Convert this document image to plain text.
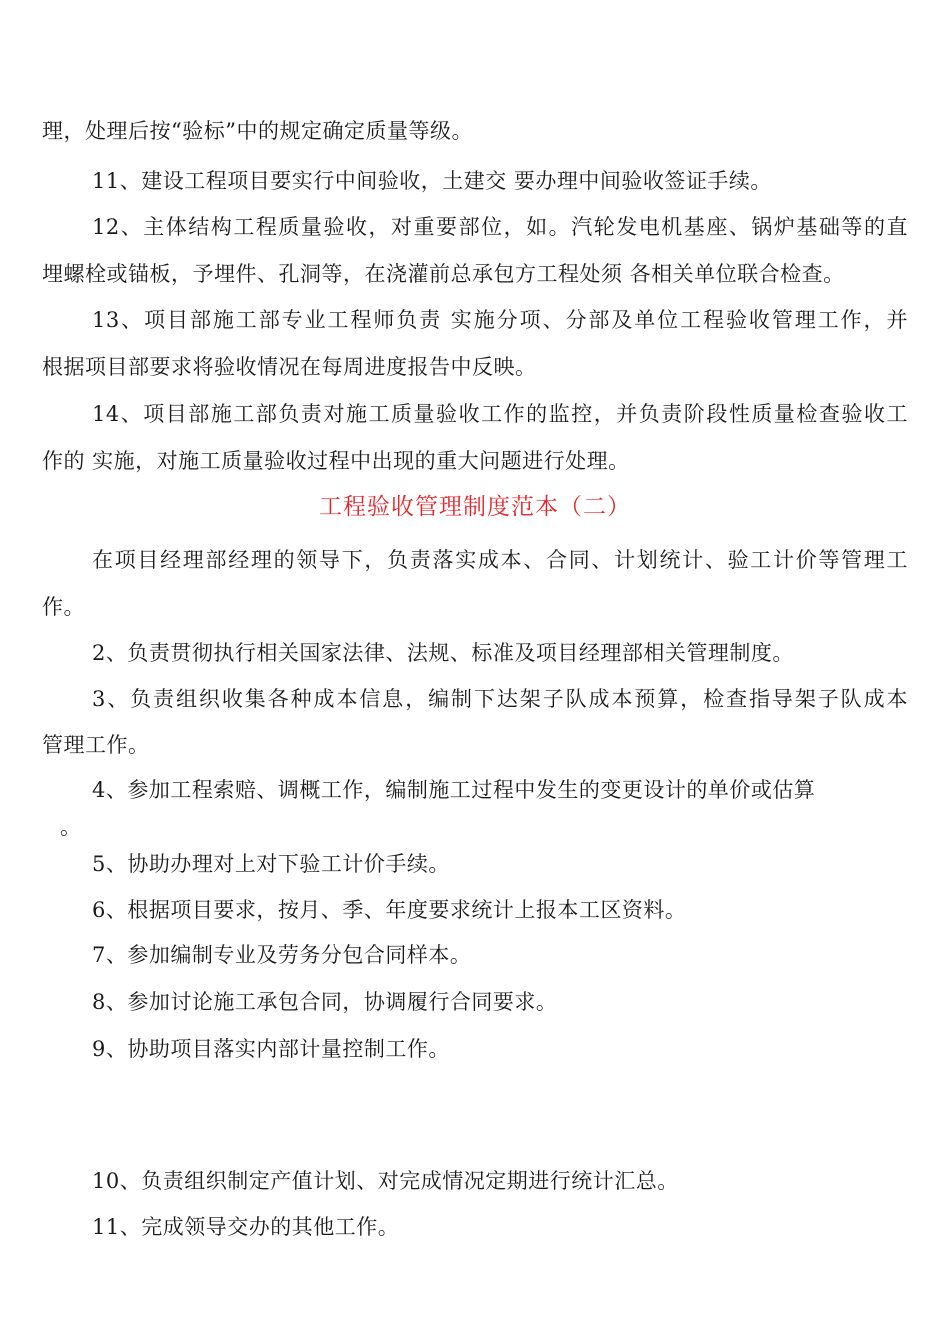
理，处理后按“验标”中的规定确定质量等级。
11、建设工程项目要实行中间验收，土建交 要办理中间验收签证手续。
12、主体结构工程质量验收，对重要部位，如。汽轮发电机基座、锅炉基础等的直
埋螺栓或锚板，予埋件、孔洞等，在浇灌前总承包方工程处须 各相关单位联合检查。
13、项目部施工部专业工程师负责 实施分项、分部及单位工程验收管理工作，并
根据项目部要求将验收情况在每周进度报告中反映。
14、项目部施工部负责对施工质量验收工作的监控，并负责阶段性质量检查验收工
作的 实施，对施工质量验收过程中出现的重大问题进行处理。
工程验收管理制度范本（二）
在项目经理部经理的领导下，负责落实成本、合同、计划统计、验工计价等管理工
作。
2、负责贯彻执行相关国家法律、法规、标准及项目经理部相关管理制度。
3、负责组织收集各种成本信息，编制下达架子队成本预算，检查指导架子队成本
管理工作。
4、参加工程索赔、调概工作，编制施工过程中发生的变更设计的单价或估算
。
5、协助办理对上对下验工计价手续。
6、根据项目要求，按月、季、年度要求统计上报本工区资料。
7、参加编制专业及劳务分包合同样本。
8、参加讨论施工承包合同，协调履行合同要求。
9、协助项目落实内部计量控制工作。
10、负责组织制定产值计划、对完成情况定期进行统计汇总。
11、完成领导交办的其他工作。
